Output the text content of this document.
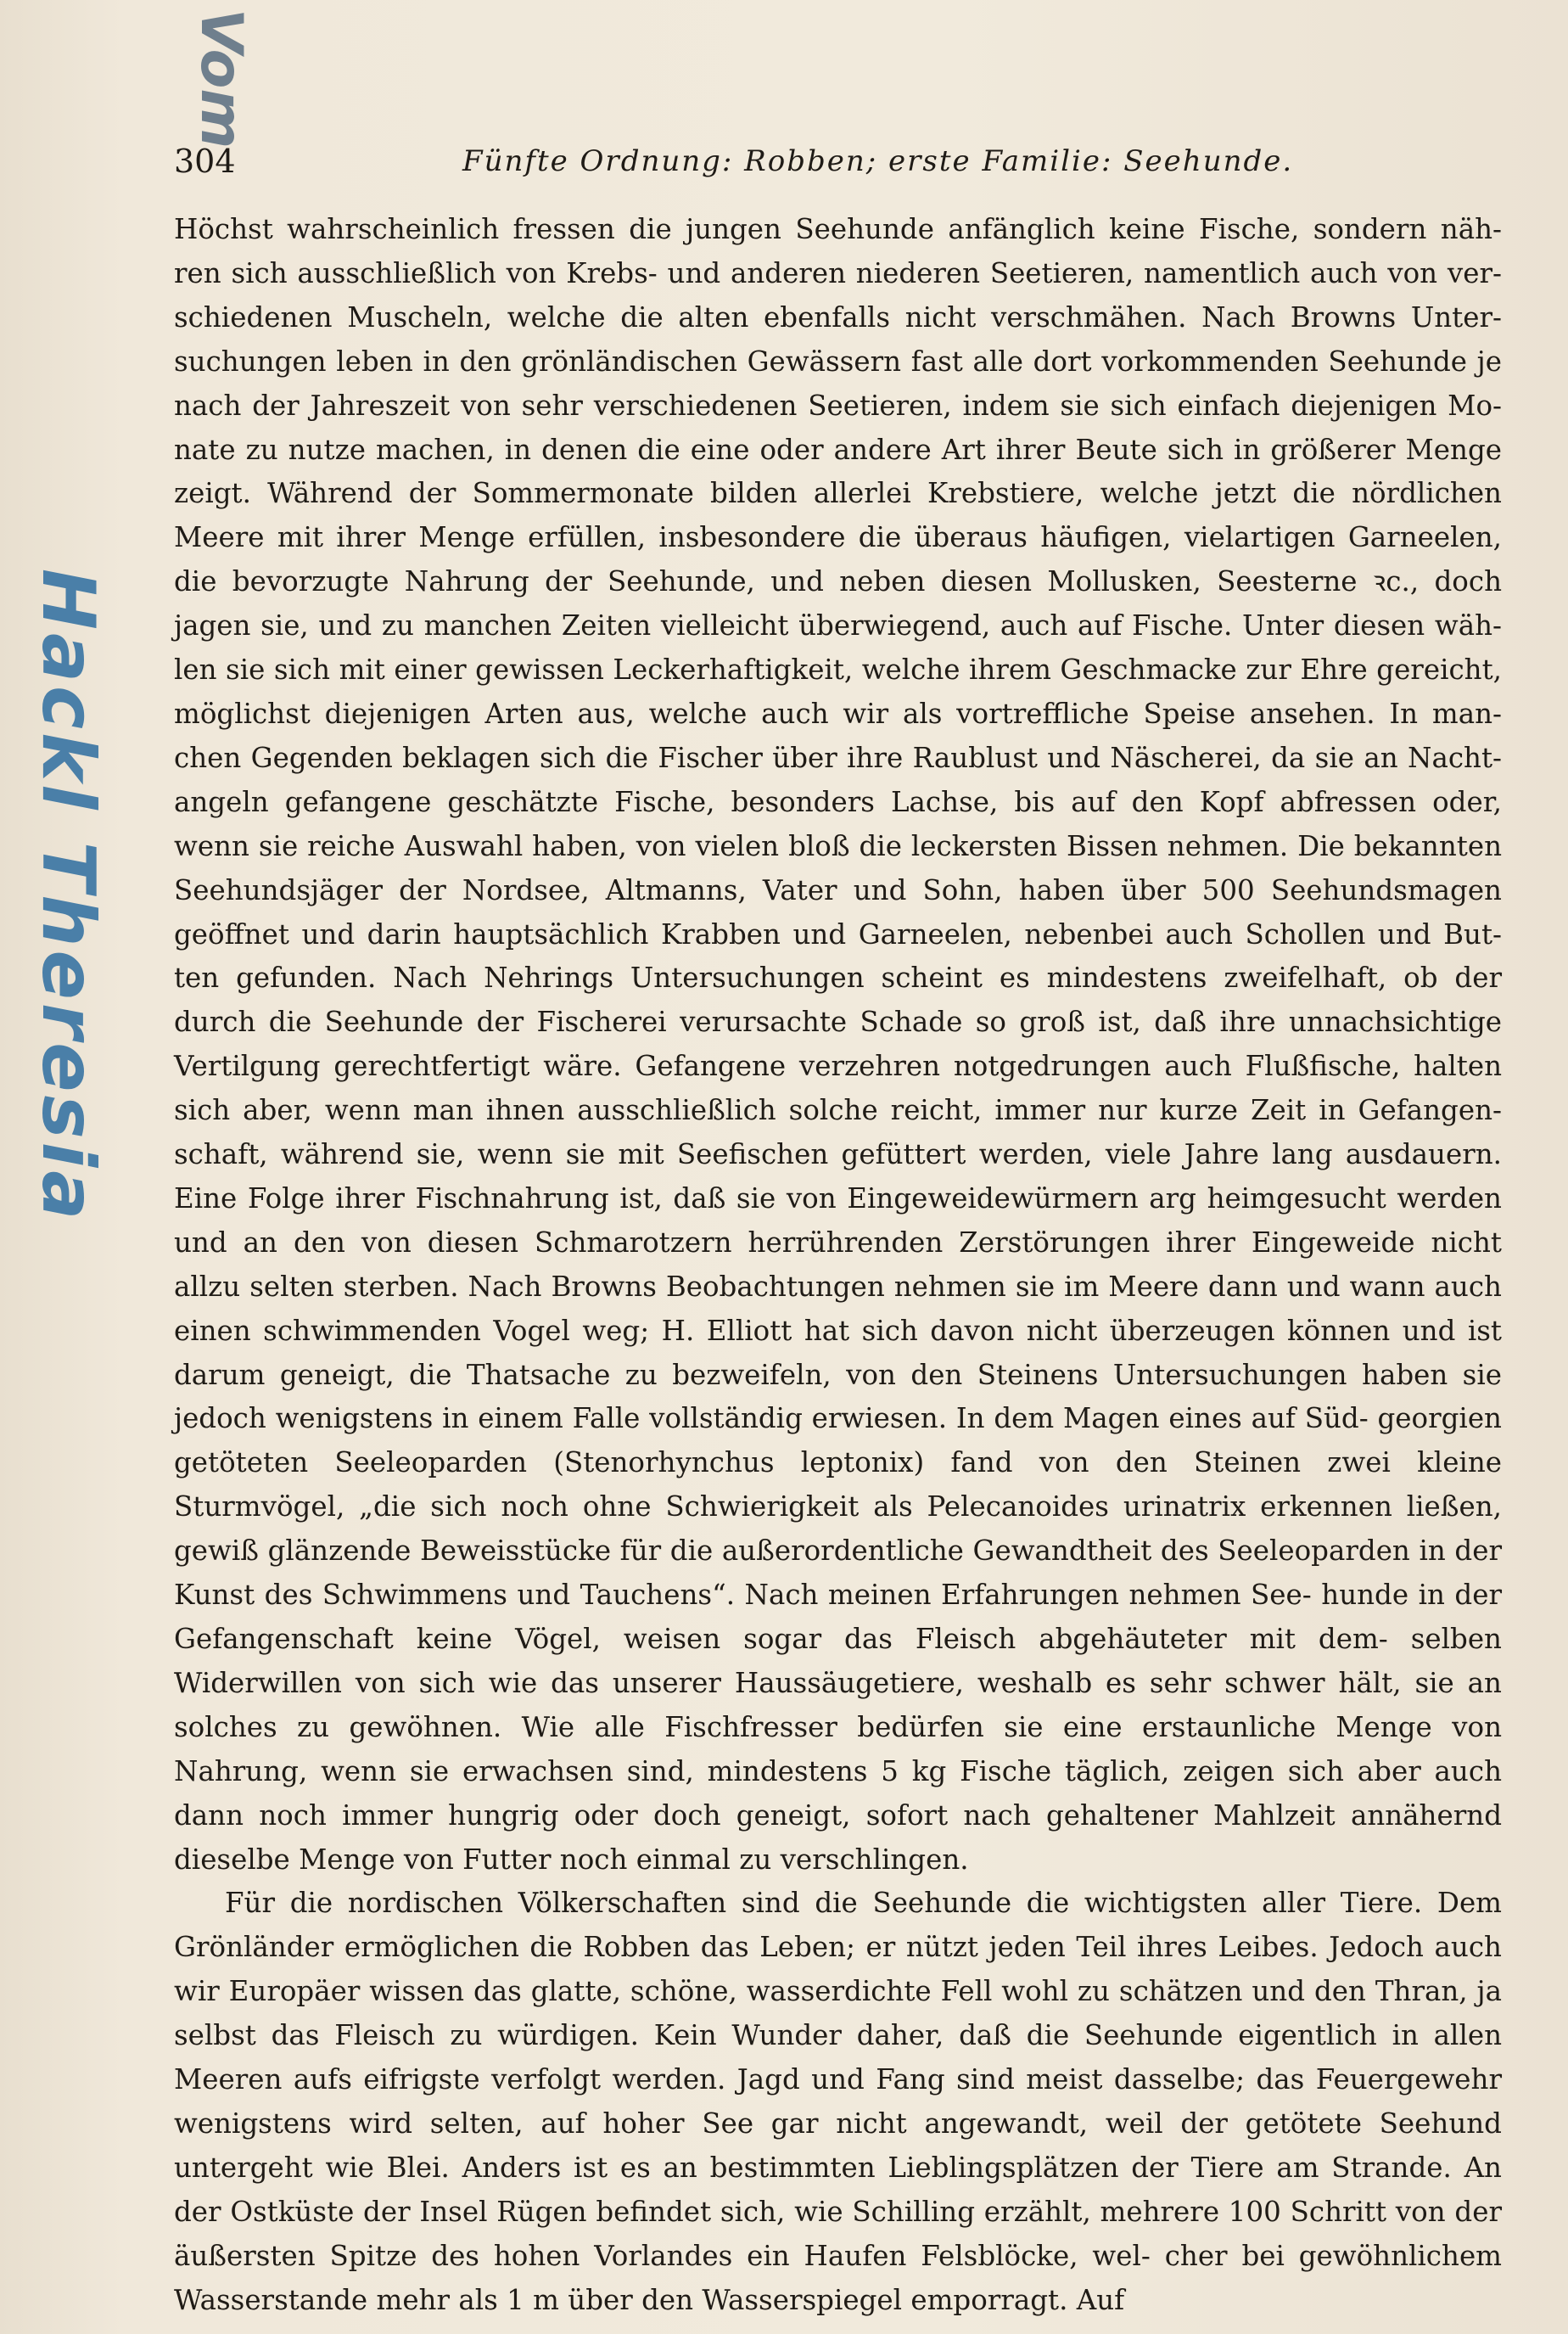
Vom
Hackl Theresia
304	Fünfte Ordnung: Robben; erste Familie: Seehunde.

Höchst wahrscheinlich fressen die jungen Seehunde anfänglich keine Fische, sondern näh- ren sich ausschließlich von Krebs- und anderen niederen Seetieren, namentlich auch von ver- schiedenen Muscheln, welche die alten ebenfalls nicht verschmähen. Nach Browns Unter- suchungen leben in den grönländischen Gewässern fast alle dort vorkommenden Seehunde je nach der Jahreszeit von sehr verschiedenen Seetieren, indem sie sich einfach diejenigen Mo- nate zu nutze machen, in denen die eine oder andere Art ihrer Beute sich in größerer Menge zeigt. Während der Sommermonate bilden allerlei Krebstiere, welche jetzt die nördlichen Meere mit ihrer Menge erfüllen, insbesondere die überaus häufigen, vielartigen Garneelen, die bevorzugte Nahrung der Seehunde, und neben diesen Mollusken, Seesterne ꝛc., doch jagen sie, und zu manchen Zeiten vielleicht überwiegend, auch auf Fische. Unter diesen wäh- len sie sich mit einer gewissen Leckerhaftigkeit, welche ihrem Geschmacke zur Ehre gereicht, möglichst diejenigen Arten aus, welche auch wir als vortreffliche Speise ansehen. In man- chen Gegenden beklagen sich die Fischer über ihre Raublust und Näscherei, da sie an Nacht- angeln gefangene geschätzte Fische, besonders Lachse, bis auf den Kopf abfressen oder, wenn sie reiche Auswahl haben, von vielen bloß die leckersten Bissen nehmen. Die bekannten Seehundsjäger der Nordsee, Altmanns, Vater und Sohn, haben über 500 Seehundsmagen geöffnet und darin hauptsächlich Krabben und Garneelen, nebenbei auch Schollen und But- ten gefunden. Nach Nehrings Untersuchungen scheint es mindestens zweifelhaft, ob der durch die Seehunde der Fischerei verursachte Schade so groß ist, daß ihre unnachsichtige Vertilgung gerechtfertigt wäre. Gefangene verzehren notgedrungen auch Flußfische, halten sich aber, wenn man ihnen ausschließlich solche reicht, immer nur kurze Zeit in Gefangen- schaft, während sie, wenn sie mit Seefischen gefüttert werden, viele Jahre lang ausdauern. Eine Folge ihrer Fischnahrung ist, daß sie von Eingeweidewürmern arg heimgesucht werden und an den von diesen Schmarotzern herrührenden Zerstörungen ihrer Eingeweide nicht allzu selten sterben. Nach Browns Beobachtungen nehmen sie im Meere dann und wann auch einen schwimmenden Vogel weg; H. Elliott hat sich davon nicht überzeugen können und ist darum geneigt, die Thatsache zu bezweifeln, von den Steinens Untersuchungen haben sie jedoch wenigstens in einem Falle vollständig erwiesen. In dem Magen eines auf Süd- georgien getöteten Seeleoparden (Stenorhynchus leptonix) fand von den Steinen zwei kleine Sturmvögel, „die sich noch ohne Schwierigkeit als Pelecanoides urinatrix erkennen ließen, gewiß glänzende Beweisstücke für die außerordentliche Gewandtheit des Seeleoparden in der Kunst des Schwimmens und Tauchens“. Nach meinen Erfahrungen nehmen See- hunde in der Gefangenschaft keine Vögel, weisen sogar das Fleisch abgehäuteter mit dem- selben Widerwillen von sich wie das unserer Haussäugetiere, weshalb es sehr schwer hält, sie an solches zu gewöhnen. Wie alle Fischfresser bedürfen sie eine erstaunliche Menge von Nahrung, wenn sie erwachsen sind, mindestens 5 kg Fische täglich, zeigen sich aber auch dann noch immer hungrig oder doch geneigt, sofort nach gehaltener Mahlzeit annähernd dieselbe Menge von Futter noch einmal zu verschlingen.

Für die nordischen Völkerschaften sind die Seehunde die wichtigsten aller Tiere. Dem Grönländer ermöglichen die Robben das Leben; er nützt jeden Teil ihres Leibes. Jedoch auch wir Europäer wissen das glatte, schöne, wasserdichte Fell wohl zu schätzen und den Thran, ja selbst das Fleisch zu würdigen. Kein Wunder daher, daß die Seehunde eigentlich in allen Meeren aufs eifrigste verfolgt werden. Jagd und Fang sind meist dasselbe; das Feuergewehr wenigstens wird selten, auf hoher See gar nicht angewandt, weil der getötete Seehund untergeht wie Blei. Anders ist es an bestimmten Lieblingsplätzen der Tiere am Strande. An der Ostküste der Insel Rügen befindet sich, wie Schilling erzählt, mehrere 100 Schritt von der äußersten Spitze des hohen Vorlandes ein Haufen Felsblöcke, wel- cher bei gewöhnlichem Wasserstande mehr als 1 m über den Wasserspiegel emporragt. Auf
